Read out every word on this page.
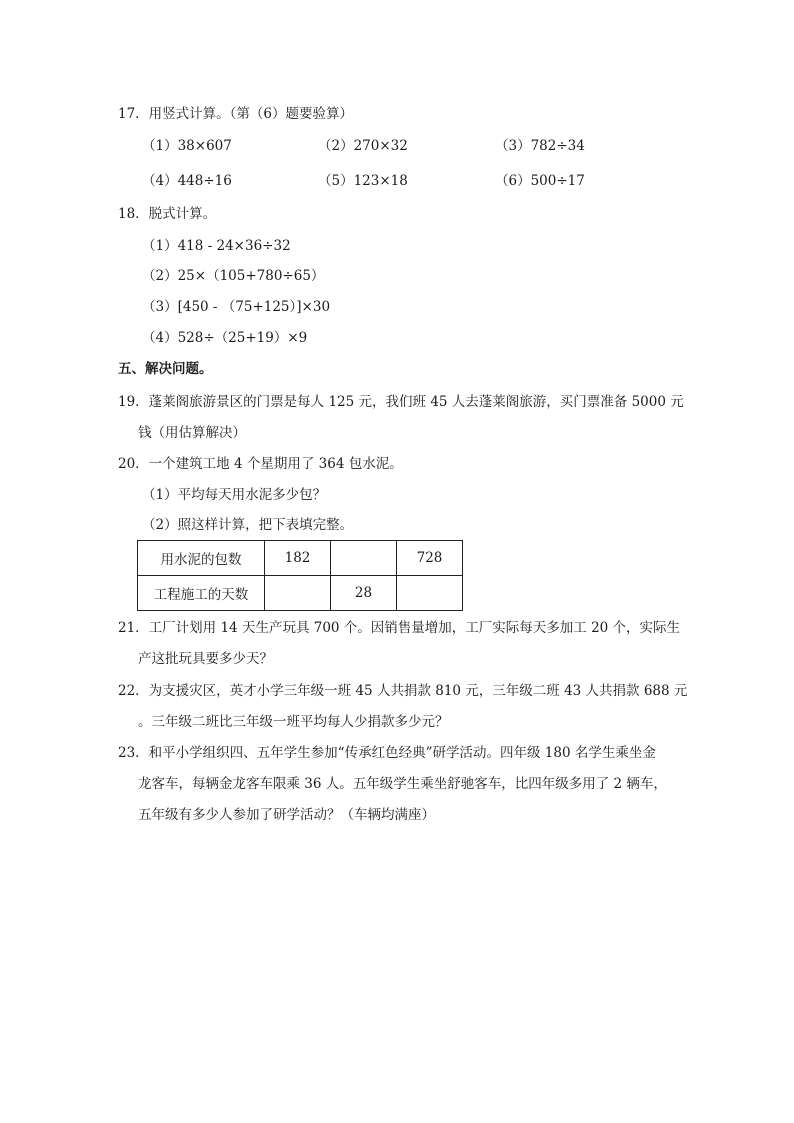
17．用竖式计算。（第（6）题要验算）
（1）38×607	（2）270×32	（3）782÷34
（4）448÷16	（5）123×18	（6）500÷17
18．脱式计算。
（1）418 - 24×36÷32
（2）25×（105+780÷65）
（3）[450 - （75+125）]×30
（4）528÷（25+19）×9
五、解决问题。
19．蓬莱阁旅游景区的门票是每人 125 元，我们班 45 人去蓬莱阁旅游，买门票准备 5000 元
钱（用估算解决）
20．一个建筑工地 4 个星期用了 364 包水泥。
（1）平均每天用水泥多少包？
（2）照这样计算，把下表填完整。
用水泥的包数	182		728
工程施工的天数		28	
21．工厂计划用 14 天生产玩具 700 个。因销售量增加，工厂实际每天多加工 20 个，实际生
产这批玩具要多少天？
22．为支援灾区，英才小学三年级一班 45 人共捐款 810 元，三年级二班 43 人共捐款 688 元
。三年级二班比三年级一班平均每人少捐款多少元？
23．和平小学组织四、五年学生参加“传承红色经典”研学活动。四年级 180 名学生乘坐金
龙客车，每辆金龙客车限乘 36 人。五年级学生乘坐舒驰客车，比四年级多用了 2 辆车，
五年级有多少人参加了研学活动？（车辆均满座）
